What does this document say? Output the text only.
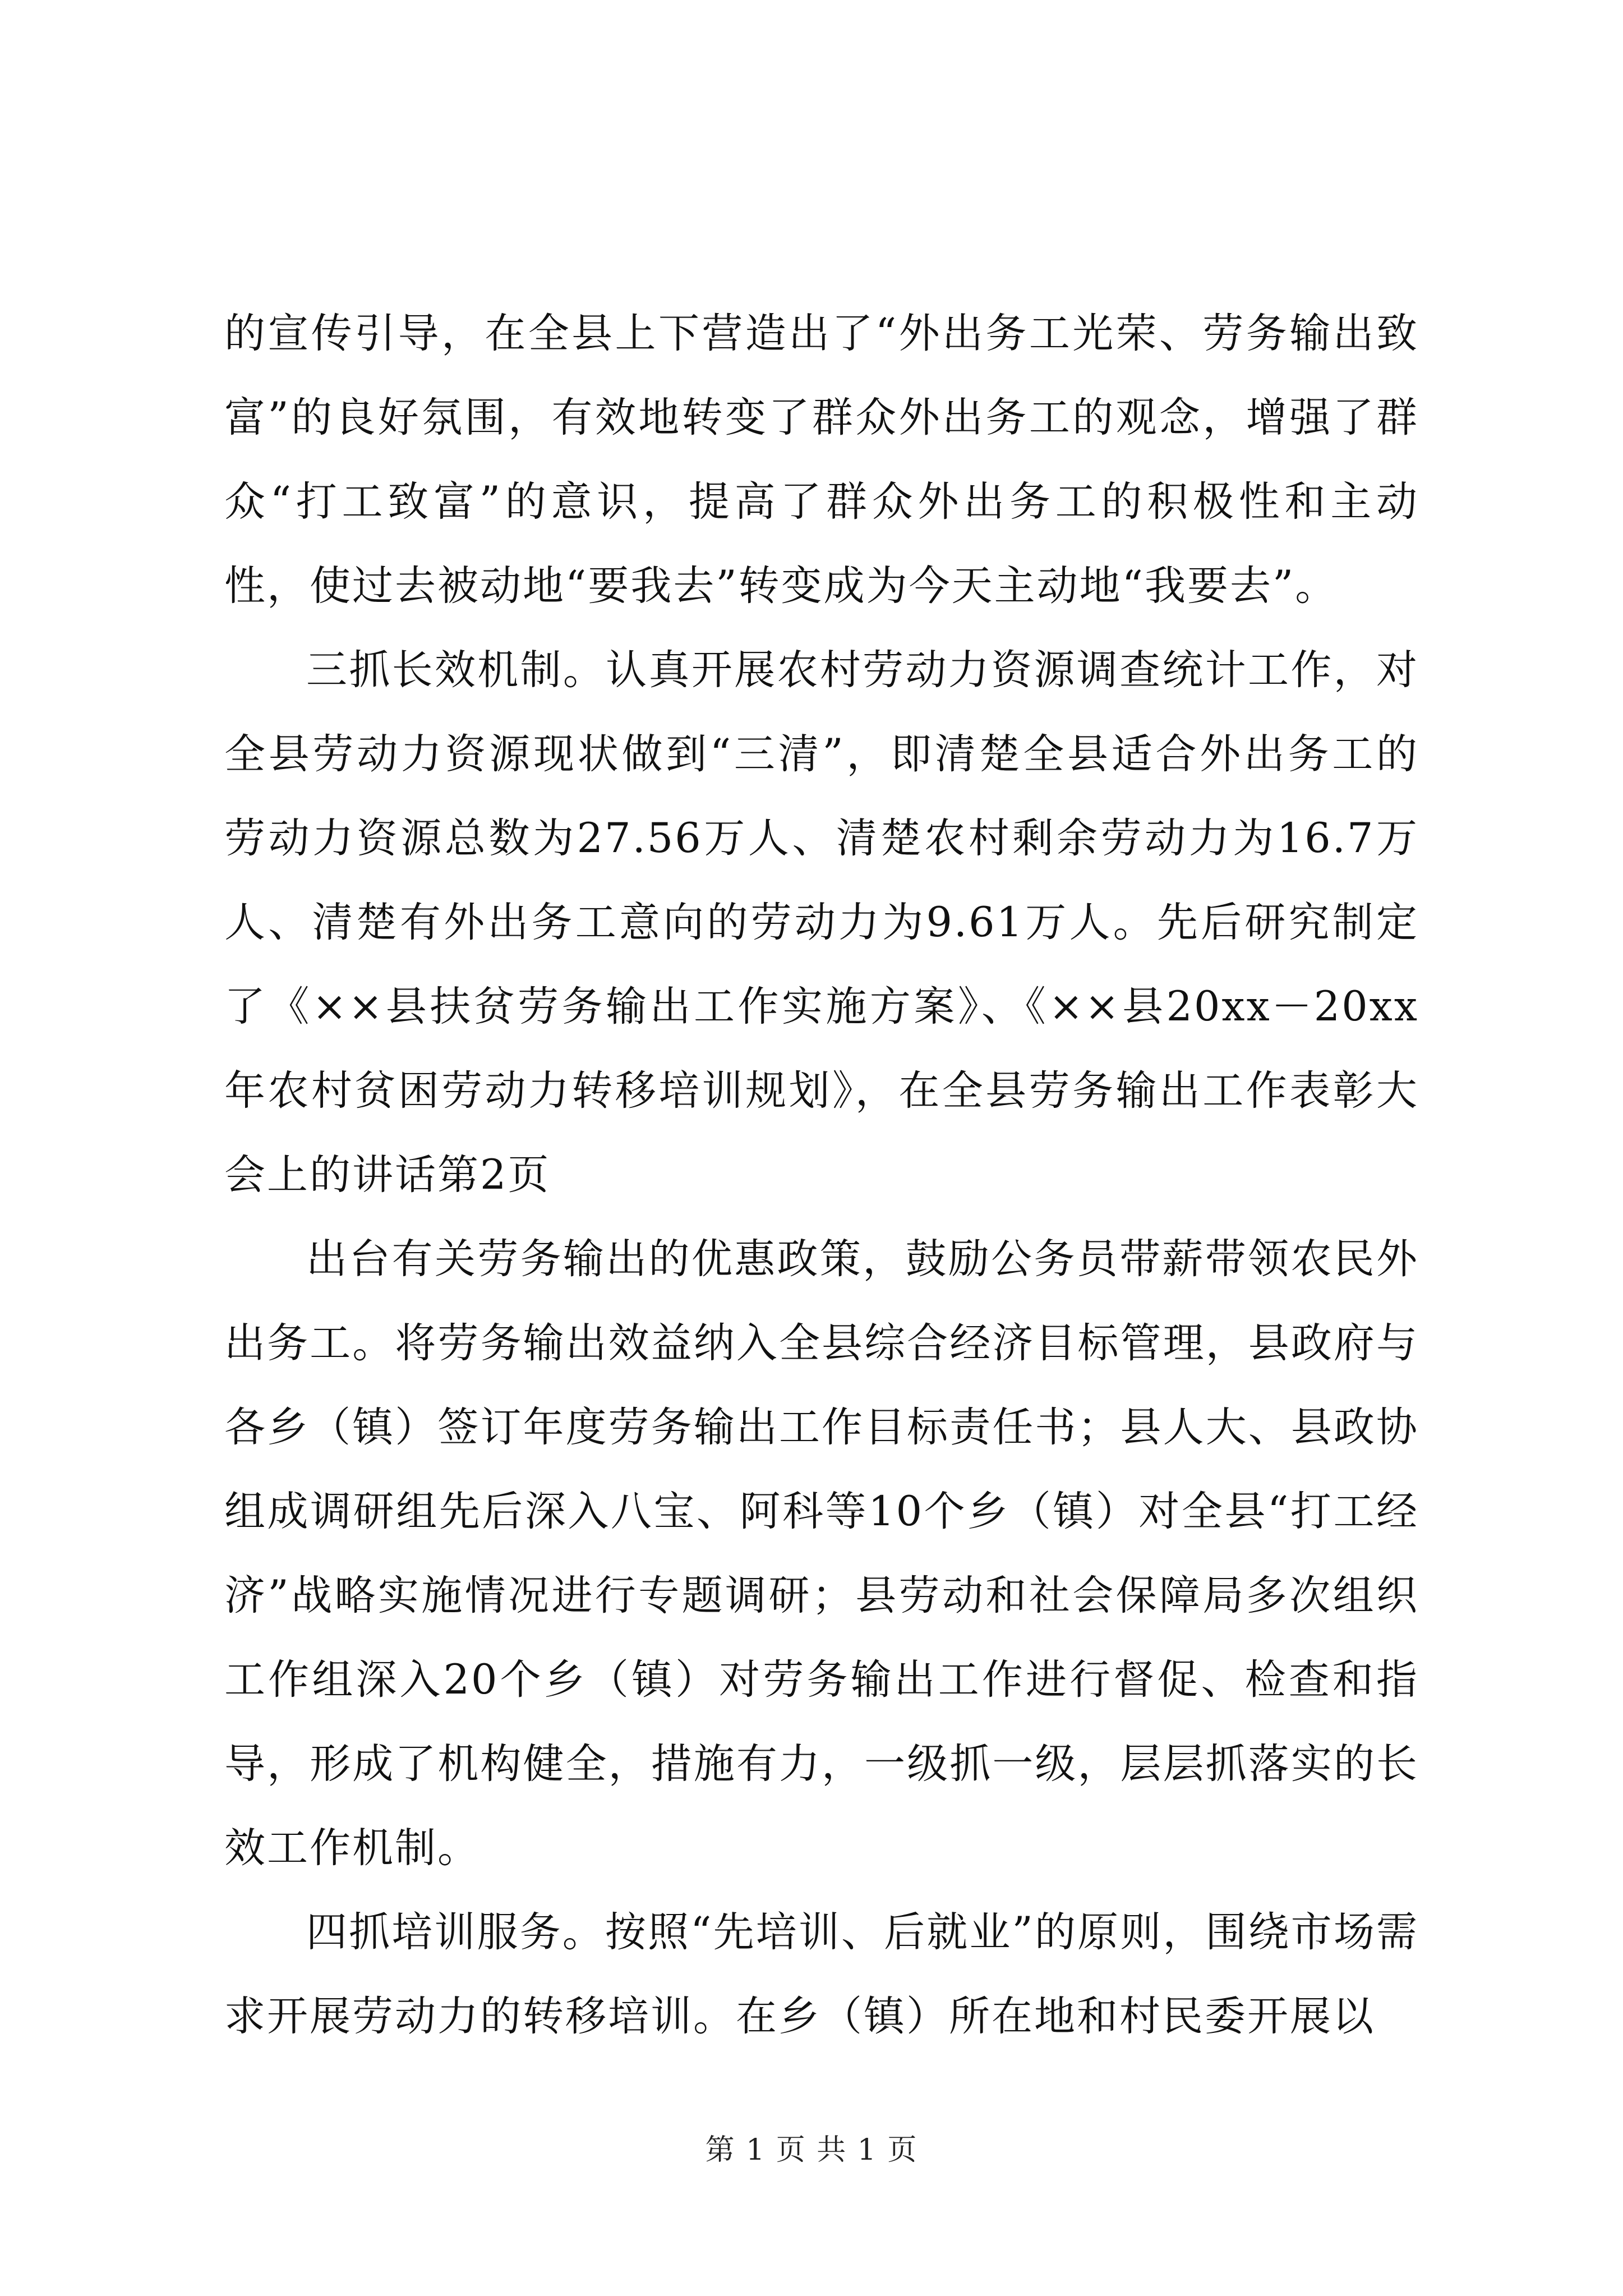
的宣传引导，在全县上下营造出了“外出务工光荣、劳务输出致富”的良好氛围，有效地转变了群众外出务工的观念，增强了群众“打工致富”的意识，提高了群众外出务工的积极性和主动性，使过去被动地“要我去”转变成为今天主动地“我要去”。

三抓长效机制。认真开展农村劳动力资源调查统计工作，对全县劳动力资源现状做到“三清”，即清楚全县适合外出务工的劳动力资源总数为27.56万人、清楚农村剩余劳动力为16.7万人、清楚有外出务工意向的劳动力为9.61万人。先后研究制定了《××县扶贫劳务输出工作实施方案》、《××县20xx－20xx年农村贫困劳动力转移培训规划》，在全县劳务输出工作表彰大会上的讲话第2页

出台有关劳务输出的优惠政策，鼓励公务员带薪带领农民外出务工。将劳务输出效益纳入全县综合经济目标管理，县政府与各乡（镇）签订年度劳务输出工作目标责任书；县人大、县政协组成调研组先后深入八宝、阿科等10个乡（镇）对全县“打工经济”战略实施情况进行专题调研；县劳动和社会保障局多次组织工作组深入20个乡（镇）对劳务输出工作进行督促、检查和指导，形成了机构健全，措施有力，一级抓一级，层层抓落实的长效工作机制。

四抓培训服务。按照“先培训、后就业”的原则，围绕市场需求开展劳动力的转移培训。在乡（镇）所在地和村民委开展以

第 1 页 共 1 页
